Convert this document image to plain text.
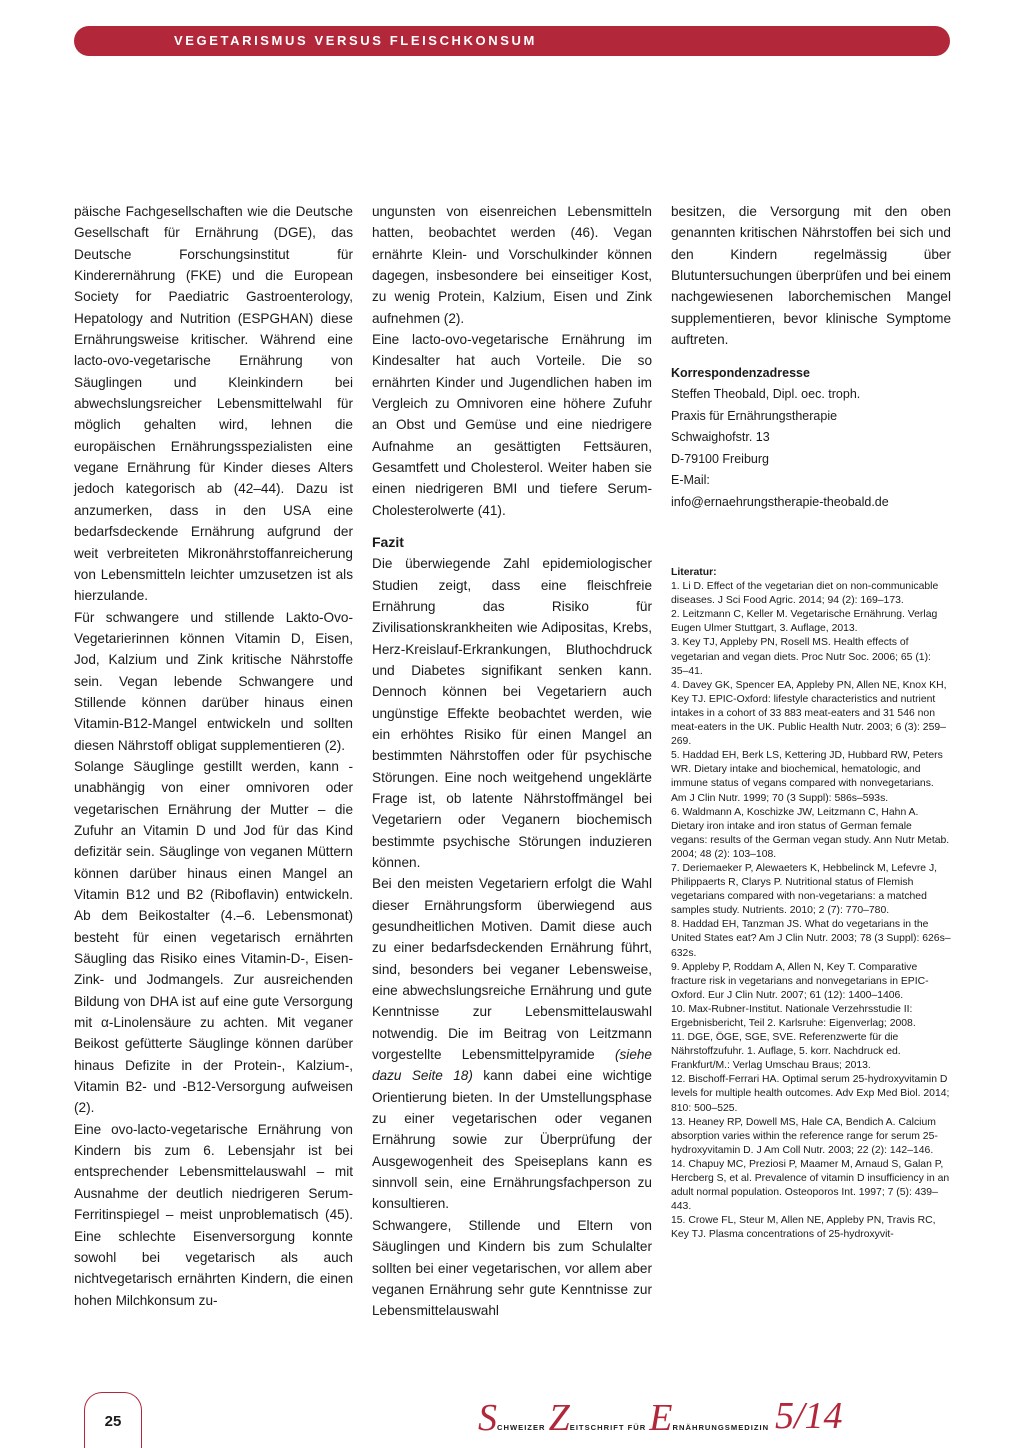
VEGETARISMUS VERSUS FLEISCHKONSUM

päische Fachgesellschaften wie die Deutsche Gesellschaft für Ernährung (DGE), das Deutsche Forschungsinstitut für Kinderernährung (FKE) und die European Society for Paediatric Gastroenterology, Hepatology and Nutrition (ESPGHAN) diese Ernährungsweise kritischer. Während eine lacto-ovo-vegetarische Ernährung von Säuglingen und Kleinkindern bei abwechslungsreicher Lebensmittelwahl für möglich gehalten wird, lehnen die europäischen Ernährungsspezialisten eine vegane Ernährung für Kinder dieses Alters jedoch kategorisch ab (42–44). Dazu ist anzumerken, dass in den USA eine bedarfsdeckende Ernährung aufgrund der weit verbreiteten Mikronährstoffanreicherung von Lebensmitteln leichter umzusetzen ist als hierzulande.

Für schwangere und stillende Lakto-Ovo-Vegetarierinnen können Vitamin D, Eisen, Jod, Kalzium und Zink kritische Nährstoffe sein. Vegan lebende Schwangere und Stillende können darüber hinaus einen Vitamin-B12-Mangel entwickeln und sollten diesen Nährstoff obligat supplementieren (2).

Solange Säuglinge gestillt werden, kann - unabhängig von einer omnivoren oder vegetarischen Ernährung der Mutter – die Zufuhr an Vitamin D und Jod für das Kind defizitär sein. Säuglinge von veganen Müttern können darüber hinaus einen Mangel an Vitamin B12 und B2 (Riboflavin) entwickeln. Ab dem Beikostalter (4.–6. Lebensmonat) besteht für einen vegetarisch ernährten Säugling das Risiko eines Vitamin-D-, Eisen- Zink- und Jodmangels. Zur ausreichenden Bildung von DHA ist auf eine gute Versorgung mit α-Linolensäure zu achten. Mit veganer Beikost gefütterte Säuglinge können darüber hinaus Defizite in der Protein-, Kalzium-, Vitamin B2- und -B12-Versorgung aufweisen (2).

Eine ovo-lacto-vegetarische Ernährung von Kindern bis zum 6. Lebensjahr ist bei entsprechender Lebensmittelauswahl – mit Ausnahme der deutlich niedrigeren Serum-Ferritinspiegel – meist unproblematisch (45). Eine schlechte Eisenversorgung konnte sowohl bei vegetarisch als auch nichtvegetarisch ernährten Kindern, die einen hohen Milchkonsum zu-

ungunsten von eisenreichen Lebensmitteln hatten, beobachtet werden (46). Vegan ernährte Klein- und Vorschulkinder können dagegen, insbesondere bei einseitiger Kost, zu wenig Protein, Kalzium, Eisen und Zink aufnehmen (2).

Eine lacto-ovo-vegetarische Ernährung im Kindesalter hat auch Vorteile. Die so ernährten Kinder und Jugendlichen haben im Vergleich zu Omnivoren eine höhere Zufuhr an Obst und Gemüse und eine niedrigere Aufnahme an gesättigten Fettsäuren, Gesamtfett und Cholesterol. Weiter haben sie einen niedrigeren BMI und tiefere Serum-Cholesterolwerte (41).

Fazit

Die überwiegende Zahl epidemiologischer Studien zeigt, dass eine fleischfreie Ernährung das Risiko für Zivilisationskrankheiten wie Adipositas, Krebs, Herz-Kreislauf-Erkrankungen, Bluthochdruck und Diabetes signifikant senken kann. Dennoch können bei Vegetariern auch ungünstige Effekte beobachtet werden, wie ein erhöhtes Risiko für einen Mangel an bestimmten Nährstoffen oder für psychische Störungen. Eine noch weitgehend ungeklärte Frage ist, ob latente Nährstoffmängel bei Vegetariern oder Veganern biochemisch bestimmte psychische Störungen induzieren können.

Bei den meisten Vegetariern erfolgt die Wahl dieser Ernährungsform überwiegend aus gesundheitlichen Motiven. Damit diese auch zu einer bedarfsdeckenden Ernährung führt, sind, besonders bei veganer Lebensweise, eine abwechslungsreiche Ernährung und gute Kenntnisse zur Lebensmittelauswahl notwendig. Die im Beitrag von Leitzmann vorgestellte Lebensmittelpyramide (siehe dazu Seite 18) kann dabei eine wichtige Orientierung bieten. In der Umstellungsphase zu einer vegetarischen oder veganen Ernährung sowie zur Überprüfung der Ausgewogenheit des Speiseplans kann es sinnvoll sein, eine Ernährungsfachperson zu konsultieren.

Schwangere, Stillende und Eltern von Säuglingen und Kindern bis zum Schulalter sollten bei einer vegetarischen, vor allem aber veganen Ernährung sehr gute Kenntnisse zur Lebensmittelauswahl

besitzen, die Versorgung mit den oben genannten kritischen Nährstoffen bei sich und den Kindern regelmässig über Blutuntersuchungen überprüfen und bei einem nachgewiesenen laborchemischen Mangel supplementieren, bevor klinische Symptome auftreten.

Korrespondenzadresse

Steffen Theobald, Dipl. oec. troph.
Praxis für Ernährungstherapie
Schwaighofstr. 13
D-79100 Freiburg
E-Mail:
info@ernaehrungstherapie-theobald.de
Literatur:

1. Li D. Effect of the vegetarian diet on non-communicable diseases. J Sci Food Agric. 2014; 94 (2): 169–173.

2. Leitzmann C, Keller M. Vegetarische Ernährung. Verlag Eugen Ulmer Stuttgart, 3. Auflage, 2013.

3. Key TJ, Appleby PN, Rosell MS. Health effects of vegetarian and vegan diets. Proc Nutr Soc. 2006; 65 (1): 35–41.

4. Davey GK, Spencer EA, Appleby PN, Allen NE, Knox KH, Key TJ. EPIC-Oxford: lifestyle characteristics and nutrient intakes in a cohort of 33 883 meat-eaters and 31 546 non meat-eaters in the UK. Public Health Nutr. 2003; 6 (3): 259–269.

5. Haddad EH, Berk LS, Kettering JD, Hubbard RW, Peters WR. Dietary intake and biochemical, hematologic, and immune status of vegans compared with nonvegetarians. Am J Clin Nutr. 1999; 70 (3 Suppl): 586s–593s.

6. Waldmann A, Koschizke JW, Leitzmann C, Hahn A. Dietary iron intake and iron status of German female vegans: results of the German vegan study. Ann Nutr Metab. 2004; 48 (2): 103–108.

7. Deriemaeker P, Alewaeters K, Hebbelinck M, Lefevre J, Philippaerts R, Clarys P. Nutritional status of Flemish vegetarians compared with non-vegetarians: a matched samples study. Nutrients. 2010; 2 (7): 770–780.

8. Haddad EH, Tanzman JS. What do vegetarians in the United States eat? Am J Clin Nutr. 2003; 78 (3 Suppl): 626s–632s.

9. Appleby P, Roddam A, Allen N, Key T. Comparative fracture risk in vegetarians and nonvegetarians in EPIC-Oxford. Eur J Clin Nutr. 2007; 61 (12): 1400–1406.

10. Max-Rubner-Institut. Nationale Verzehrsstudie II: Ergebnisbericht, Teil 2. Karlsruhe: Eigenverlag; 2008.

11. DGE, ÖGE, SGE, SVE. Referenzwerte für die Nährstoffzufuhr. 1. Auflage, 5. korr. Nachdruck ed. Frankfurt/M.: Verlag Umschau Braus; 2013.

12. Bischoff-Ferrari HA. Optimal serum 25-hydroxyvitamin D levels for multiple health outcomes. Adv Exp Med Biol. 2014; 810: 500–525.

13. Heaney RP, Dowell MS, Hale CA, Bendich A. Calcium absorption varies within the reference range for serum 25-hydroxyvitamin D. J Am Coll Nutr. 2003; 22 (2): 142–146.

14. Chapuy MC, Preziosi P, Maamer M, Arnaud S, Galan P, Hercberg S, et al. Prevalence of vitamin D insufficiency in an adult normal population. Osteoporos Int. 1997; 7 (5): 439–443.

15. Crowe FL, Steur M, Allen NE, Appleby PN, Travis RC, Key TJ. Plasma concentrations of 25-hydroxyvit-

25	SCHWEIZER ZEITSCHRIFT FÜR ERNÄHRUNGSMEDIZIN 5/14
